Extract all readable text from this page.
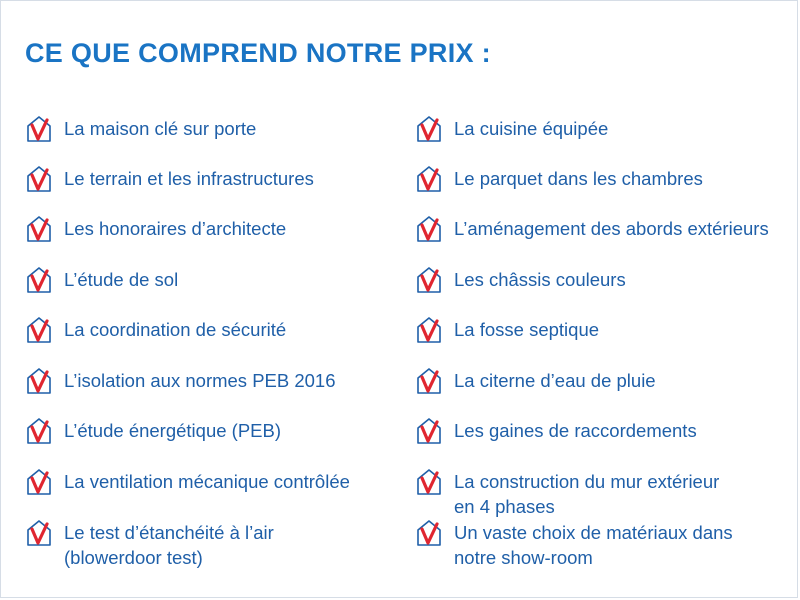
CE QUE COMPREND NOTRE PRIX :
La maison clé sur porte
Le terrain et les infrastructures
Les honoraires d’architecte
L’étude de sol
La coordination de sécurité
L’isolation aux normes PEB 2016
L’étude énergétique (PEB)
La ventilation mécanique contrôlée
Le test d’étanchéité à l’air
(blowerdoor test)
La cuisine équipée
Le parquet dans les chambres
L’aménagement des abords extérieurs
Les châssis couleurs
La fosse septique
La citerne d’eau de pluie
Les gaines de raccordements
La construction du mur extérieur
en 4 phases
Un vaste choix de matériaux dans
notre show-room
